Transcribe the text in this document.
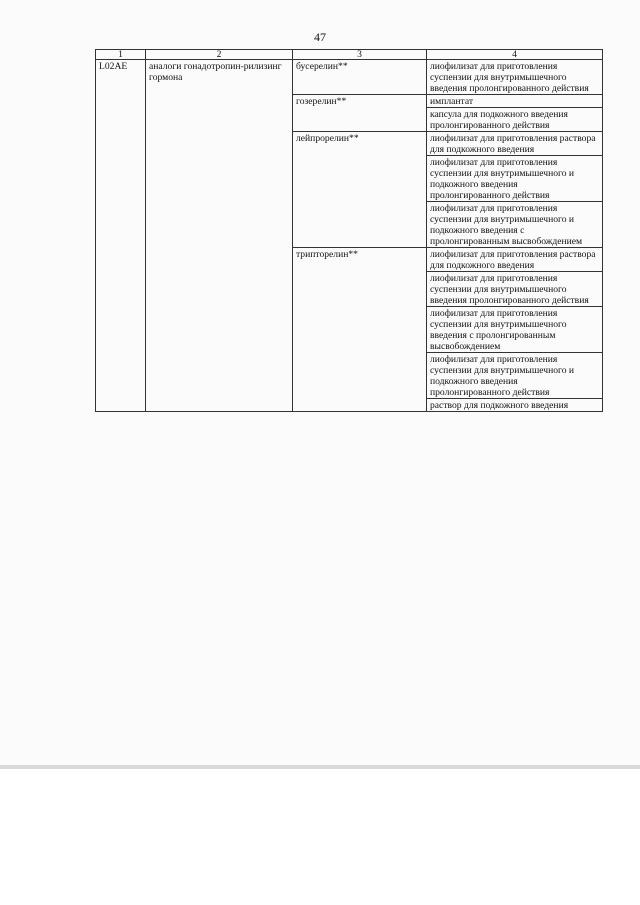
47
1	2	3	4
L02AE	аналоги гонадотропин-рилизинг гормона	бусерелин**	лиофилизат для приготовления суспензии для внутримышечного введения пролонгированного действия
		гозерелин**	имплантат
			капсула для подкожного введения пролонгированного действия
		лейпрорелин**	лиофилизат для приготовления раствора для подкожного введения
			лиофилизат для приготовления суспензии для внутримышечного и подкожного введения пролонгированного действия
			лиофилизат для приготовления суспензии для внутримышечного и подкожного введения с пролонгированным высвобождением
		трипторелин**	лиофилизат для приготовления раствора для подкожного введения
			лиофилизат для приготовления суспензии для внутримышечного введения пролонгированного действия
			лиофилизат для приготовления суспензии для внутримышечного введения с пролонгированным высвобождением
			лиофилизат для приготовления суспензии для внутримышечного и подкожного введения пролонгированного действия
			раствор для подкожного введения
